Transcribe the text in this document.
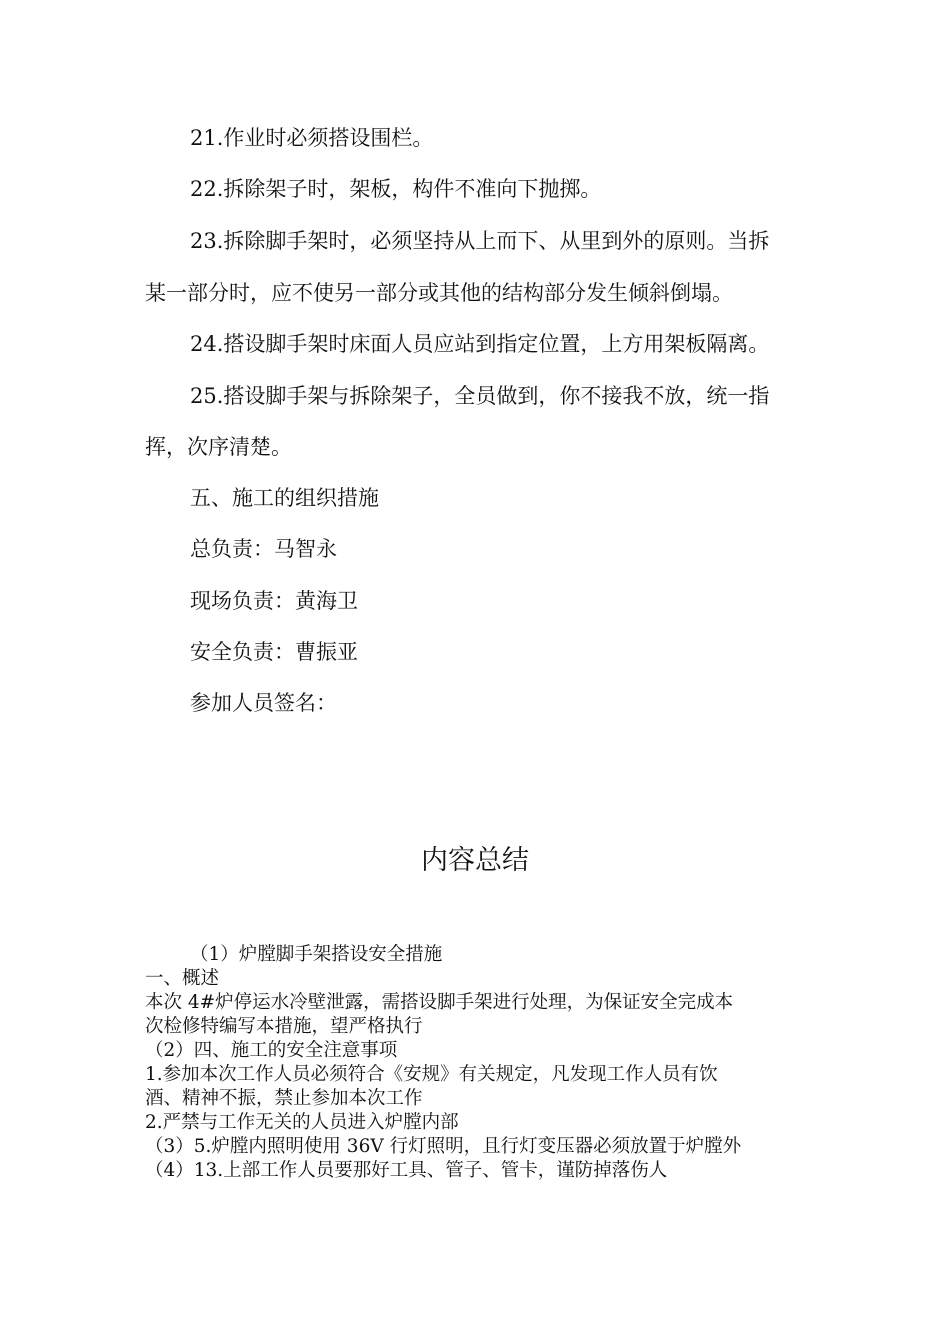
21.作业时必须搭设围栏。
22.拆除架子时，架板，构件不准向下抛掷。
23.拆除脚手架时，必须坚持从上而下、从里到外的原则。当拆
某一部分时，应不使另一部分或其他的结构部分发生倾斜倒塌。
24.搭设脚手架时床面人员应站到指定位置，上方用架板隔离。
25.搭设脚手架与拆除架子，全员做到，你不接我不放，统一指
挥，次序清楚。
五、施工的组织措施
总负责：马智永
现场负责：黄海卫
安全负责：曹振亚
参加人员签名：
内容总结
（1）炉膛脚手架搭设安全措施
一、概述
本次 4#炉停运水冷壁泄露，需搭设脚手架进行处理，为保证安全完成本
次检修特编写本措施，望严格执行
（2）四、施工的安全注意事项
1.参加本次工作人员必须符合《安规》有关规定，凡发现工作人员有饮
酒、精神不振，禁止参加本次工作
2.严禁与工作无关的人员进入炉膛内部
（3）5.炉膛内照明使用 36V 行灯照明，且行灯变压器必须放置于炉膛外
（4）13.上部工作人员要那好工具、管子、管卡，谨防掉落伤人
